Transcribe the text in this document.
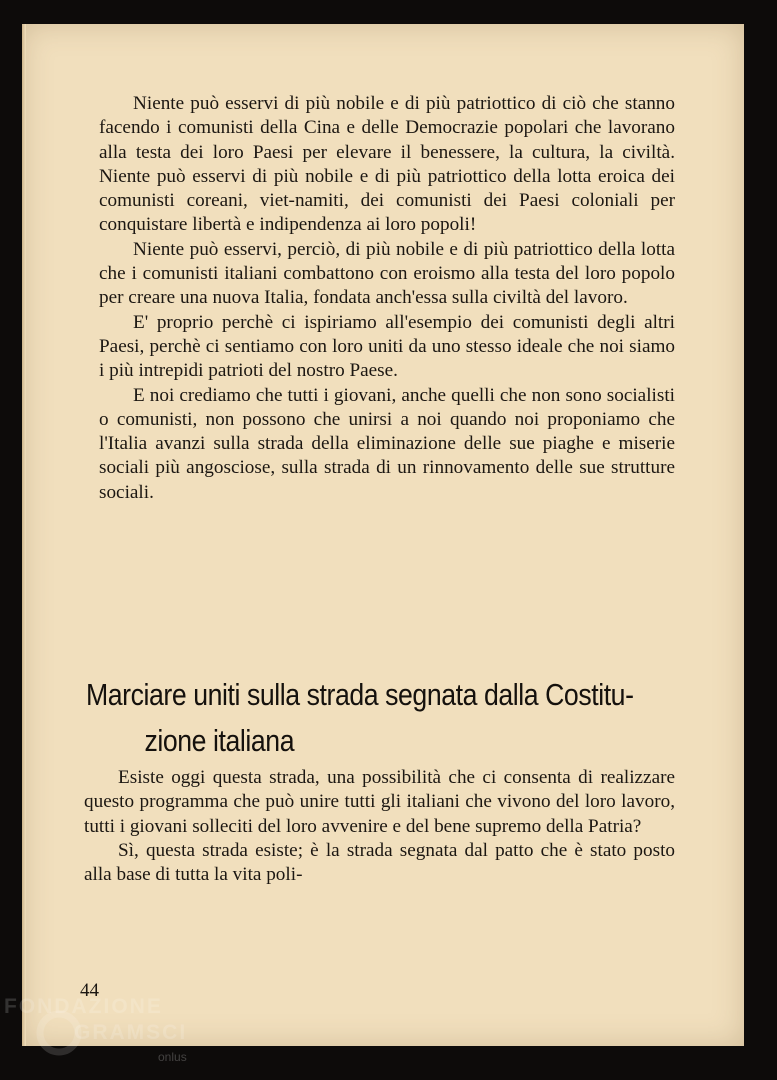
Niente può esservi di più nobile e di più patriottico di ciò che stanno facendo i comunisti della Cina e delle Democrazie popolari che lavorano alla testa dei loro Paesi per elevare il benessere, la cultura, la civiltà. Niente può esservi di più nobile e di più patriottico della lotta eroica dei comunisti coreani, viet-namiti, dei comunisti dei Paesi coloniali per conquistare libertà e indipendenza ai loro popoli!

Niente può esservi, perciò, di più nobile e di più patriottico della lotta che i comunisti italiani combattono con eroismo alla testa del loro popolo per creare una nuova Italia, fondata anch'essa sulla civiltà del lavoro.

E' proprio perchè ci ispiriamo all'esempio dei comunisti degli altri Paesi, perchè ci sentiamo con loro uniti da uno stesso ideale che noi siamo i più intrepidi patrioti del nostro Paese.

E noi crediamo che tutti i giovani, anche quelli che non sono socialisti o comunisti, non possono che unirsi a noi quando noi proponiamo che l'Italia avanzi sulla strada della eliminazione delle sue piaghe e miserie sociali più angosciose, sulla strada di un rinnovamento delle sue strutture sociali.

Marciare uniti sulla strada segnata dalla Costitu-
zione italiana

Esiste oggi questa strada, una possibilità che ci consenta di realizzare questo programma che può unire tutti gli italiani che vivono del loro lavoro, tutti i giovani solleciti del loro avvenire e del bene supremo della Patria?

Sì, questa strada esiste; è la strada segnata dal patto che è stato posto alla base di tutta la vita poli-

44
FONDAZIONE
GRAMSCI
onlus
